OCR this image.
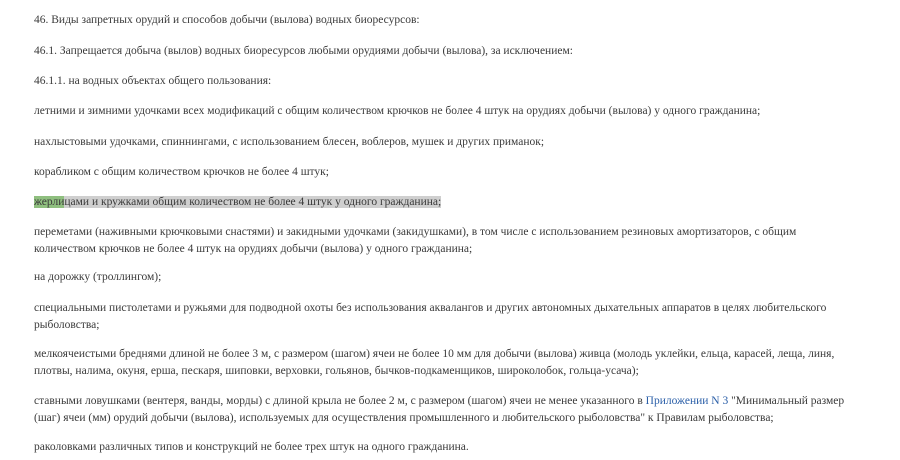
46. Виды запретных орудий и способов добычи (вылова) водных биоресурсов:

46.1. Запрещается добыча (вылов) водных биоресурсов любыми орудиями добычи (вылова), за исключением:

46.1.1. на водных объектах общего пользования:

летними и зимними удочками всех модификаций с общим количеством крючков не более 4 штук на орудиях добычи (вылова) у одного гражданина;

нахлыстовыми удочками, спиннингами, с использованием блесен, воблеров, мушек и других приманок;

корабликом с общим количеством крючков не более 4 штук;

жерлицами и кружками общим количеством не более 4 штук у одного гражданина;

переметами (наживными крючковыми снастями) и закидными удочками (закидушками), в том числе с использованием резиновых амортизаторов, с общим количеством крючков не более 4 штук на орудиях добычи (вылова) у одного гражданина;

на дорожку (троллингом);

специальными пистолетами и ружьями для подводной охоты без использования аквалангов и других автономных дыхательных аппаратов в целях любительского рыболовства;

мелкоячеистыми бреднями длиной не более 3 м, с размером (шагом) ячеи не более 10 мм для добычи (вылова) живца (молодь уклейки, ельца, карасей, леща, линя, плотвы, налима, окуня, ерша, пескаря, шиповки, верховки, гольянов, бычков-подкаменщиков, широколобок, гольца-усача);

ставными ловушками (вентеря, ванды, морды) с длиной крыла не более 2 м, с размером (шагом) ячеи не менее указанного в Приложении N 3 "Минимальный размер (шаг) ячеи (мм) орудий добычи (вылова), используемых для осуществления промышленного и любительского рыболовства" к Правилам рыболовства;

раколовками различных типов и конструкций не более трех штук на одного гражданина.
